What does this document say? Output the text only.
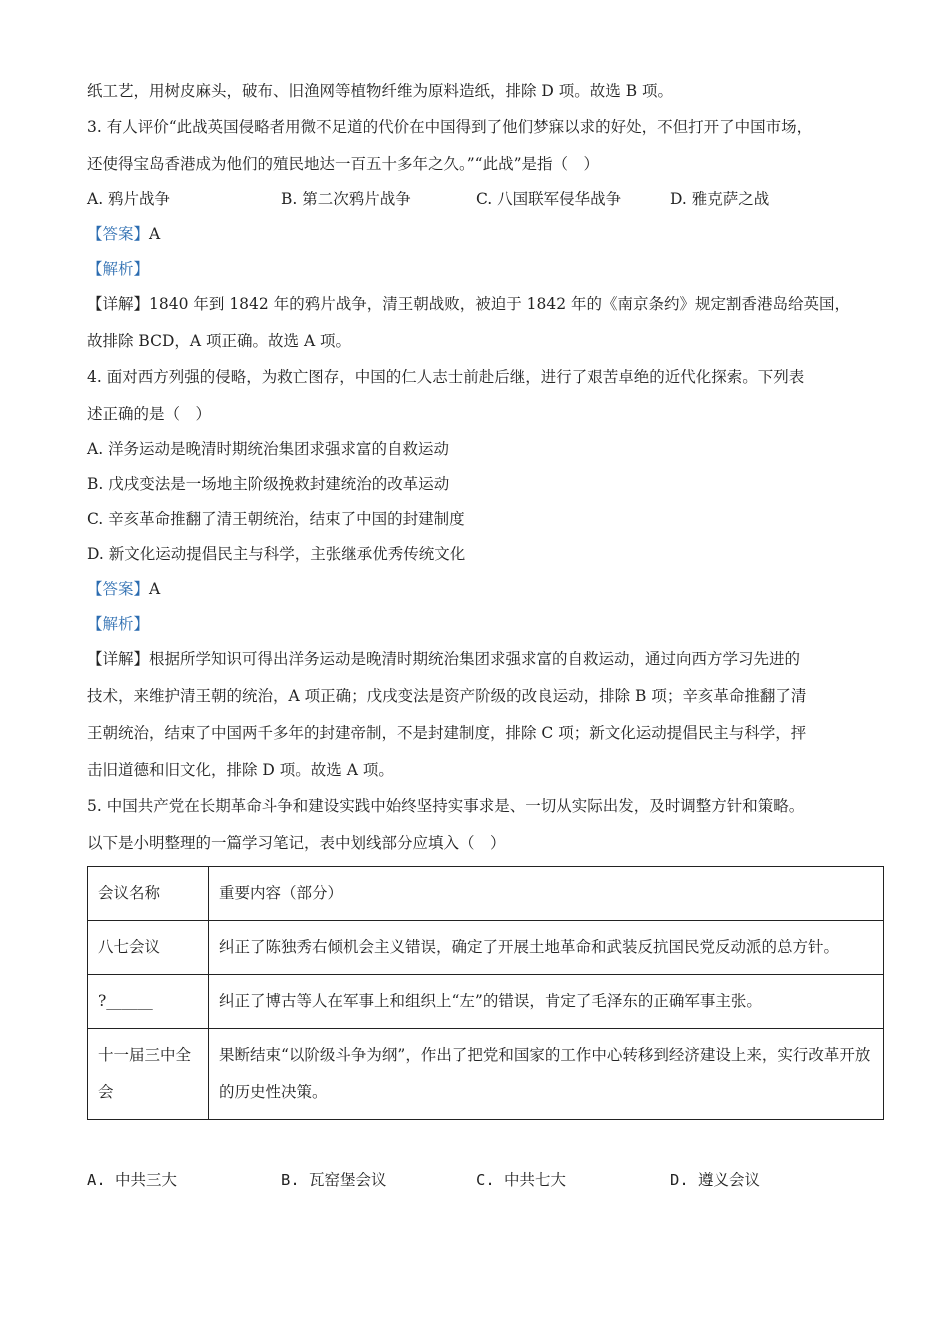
纸工艺，用树皮麻头，破布、旧渔网等植物纤维为原料造纸，排除 D 项。故选 B 项。
3. 有人评价“此战英国侵略者用微不足道的代价在中国得到了他们梦寐以求的好处，不但打开了中国市场，
还使得宝岛香港成为他们的殖民地达一百五十多年之久。”“此战”是指（　）
A. 鸦片战争	B. 第二次鸦片战争	C. 八国联军侵华战争	D. 雅克萨之战
【答案】A
【解析】
【详解】1840 年到 1842 年的鸦片战争，清王朝战败，被迫于 1842 年的《南京条约》规定割香港岛给英国，
故排除 BCD，A 项正确。故选 A 项。
4. 面对西方列强的侵略，为救亡图存，中国的仁人志士前赴后继，进行了艰苦卓绝的近代化探索。下列表
述正确的是（　）
A. 洋务运动是晚清时期统治集团求强求富的自救运动
B. 戊戌变法是一场地主阶级挽救封建统治的改革运动
C. 辛亥革命推翻了清王朝统治，结束了中国的封建制度
D. 新文化运动提倡民主与科学，主张继承优秀传统文化
【答案】A
【解析】
【详解】根据所学知识可得出洋务运动是晚清时期统治集团求强求富的自救运动，通过向西方学习先进的
技术，来维护清王朝的统治，A 项正确；戊戌变法是资产阶级的改良运动，排除 B 项；辛亥革命推翻了清
王朝统治，结束了中国两千多年的封建帝制，不是封建制度，排除 C 项；新文化运动提倡民主与科学，抨
击旧道德和旧文化，排除 D 项。故选 A 项。
5. 中国共产党在长期革命斗争和建设实践中始终坚持实事求是、一切从实际出发，及时调整方针和策略。
以下是小明整理的一篇学习笔记，表中划线部分应填入（　）
会议名称	重要内容（部分）
八七会议	纠正了陈独秀右倾机会主义错误，确定了开展土地革命和武装反抗国民党反动派的总方针。
?______	纠正了博古等人在军事上和组织上“左”的错误，肯定了毛泽东的正确军事主张。
十一届三中全会	果断结束“以阶级斗争为纲”，作出了把党和国家的工作中心转移到经济建设上来，实行改革开放的历史性决策。
A. 中共三大	B. 瓦窑堡会议	C. 中共七大	D. 遵义会议
